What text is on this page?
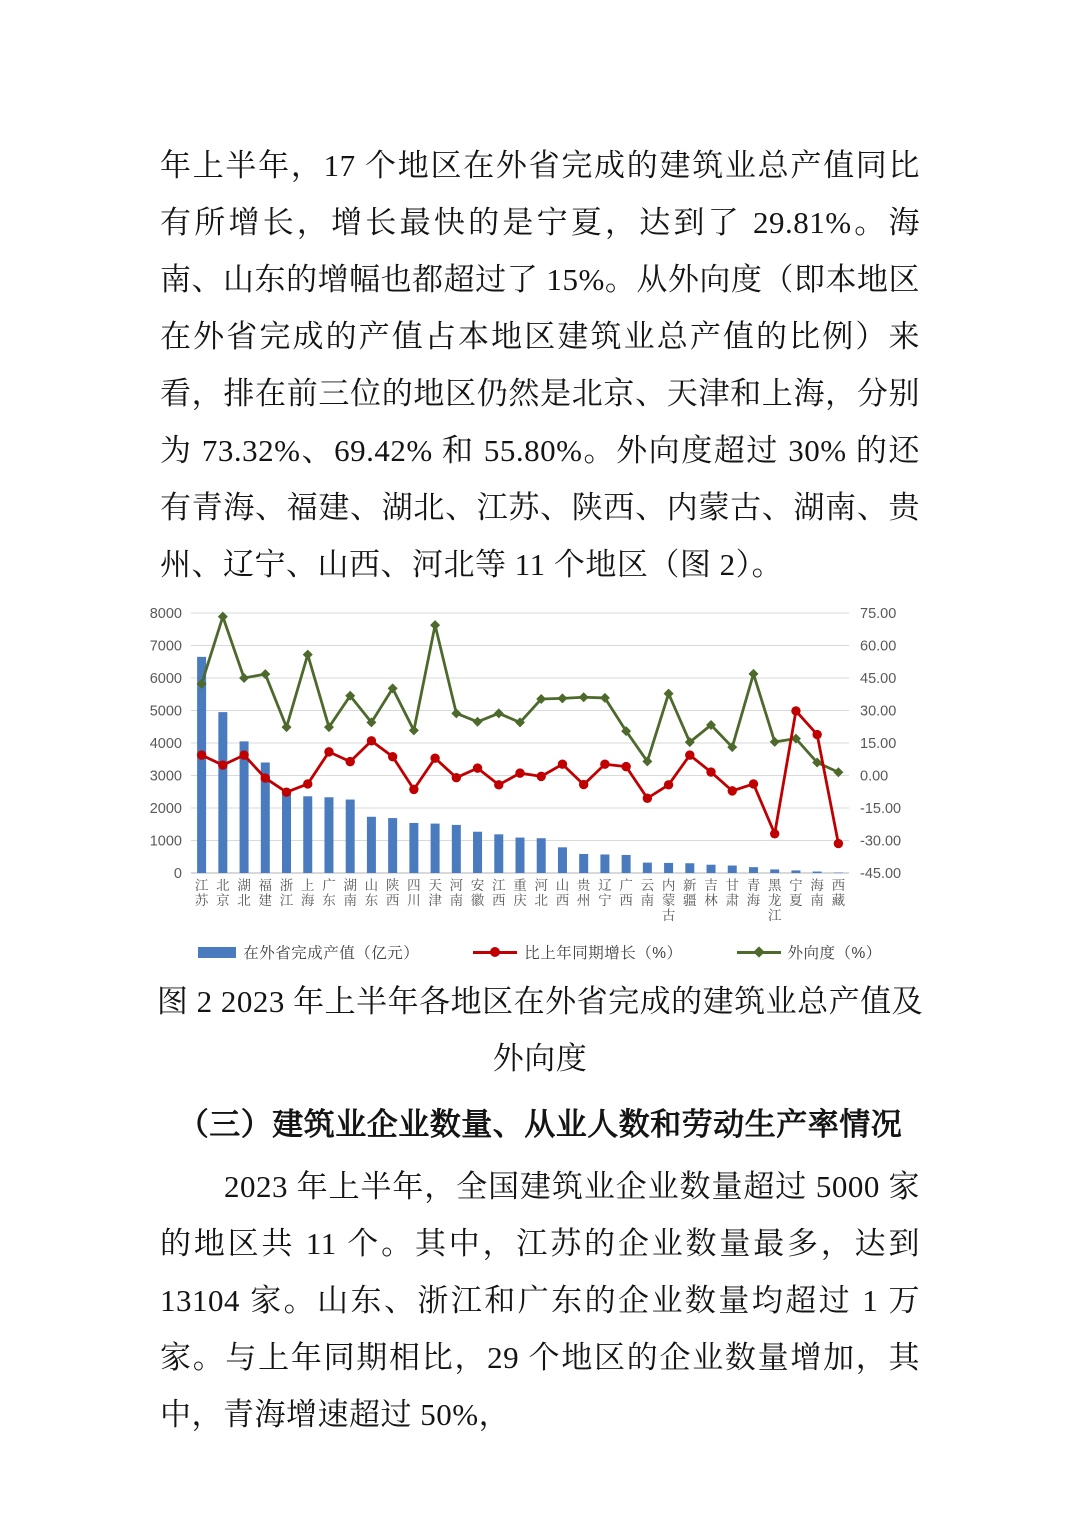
年上半年，17 个地区在外省完成的建筑业总产值同比有所增长，增长最快的是宁夏，达到了 29.81%。海南、山东的增幅也都超过了 15%。从外向度（即本地区在外省完成的产值占本地区建筑业总产值的比例）来看，排在前三位的地区仍然是北京、天津和上海，分别为 73.32%、69.42% 和 55.80%。外向度超过 30% 的还有青海、福建、湖北、江苏、陕西、内蒙古、湖南、贵州、辽宁、山西、河北等 11 个地区（图 2）。

0
1000
2000
3000
4000
5000
6000
7000
8000
-45.00
-30.00
-15.00
0.00
15.00
30.00
45.00
60.00
75.00
江苏
北京
湖北
福建
浙江
上海
广东
湖南
山东
陕西
四川
天津
河南
安徽
江西
重庆
河北
山西
贵州
辽宁
广西
云南
内蒙古
新疆
吉林
甘肃
青海
黑龙江
宁夏
海南
西藏
在外省完成产值（亿元）	比上年同期增长（%）	外向度（%）
图 2 2023 年上半年各地区在外省完成的建筑业总产值及外向度
（三）建筑业企业数量、从业人数和劳动生产率情况

2023 年上半年，全国建筑业企业数量超过 5000 家的地区共 11 个。其中，江苏的企业数量最多，达到 13104 家。山东、浙江和广东的企业数量均超过 1 万家。与上年同期相比，29 个地区的企业数量增加，其中，青海增速超过 50%，
